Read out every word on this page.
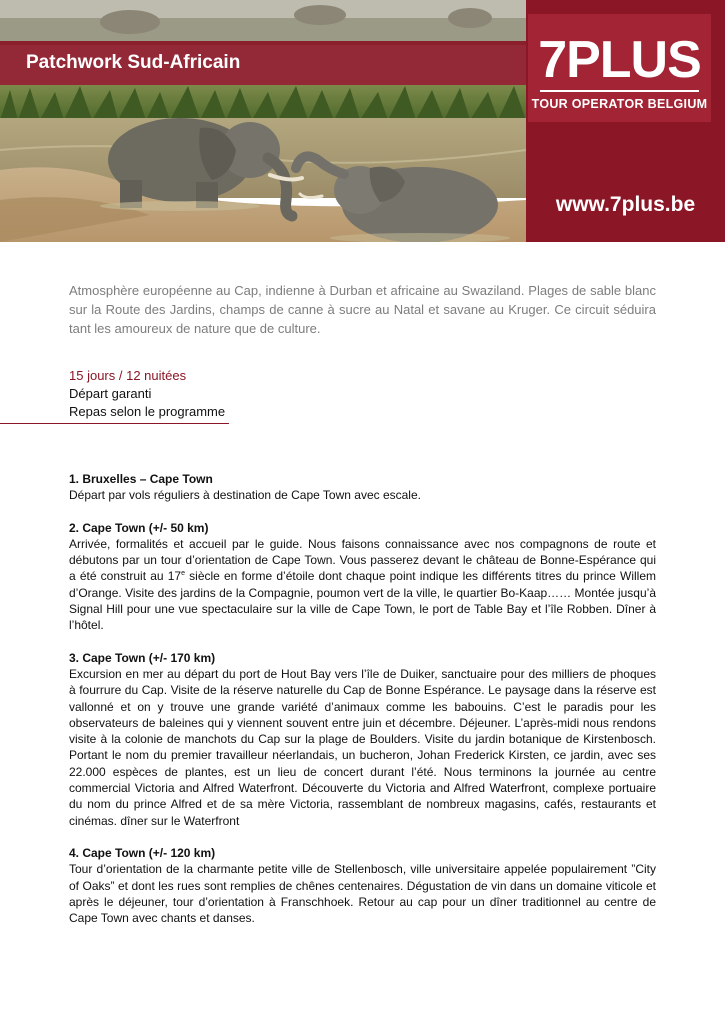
7PLUS
TOUR OPERATOR BELGIUM
Patchwork Sud-Africain
www.7plus.be
Atmosphère européenne au Cap, indienne à Durban et africaine au Swaziland. Plages de sable blanc sur la Route des Jardins, champs de canne à sucre au Natal et savane au Kruger. Ce circuit séduira tant les amoureux de nature que de culture.
15 jours / 12 nuitées
Départ garanti
Repas selon le programme
1. Bruxelles – Cape Town
Départ par vols réguliers à destination de Cape Town avec escale.
2. Cape Town (+/- 50 km)
Arrivée, formalités et accueil par le guide. Nous faisons connaissance avec nos compagnons de route et débutons par un tour d’orientation de Cape Town. Vous passerez devant le château de Bonne-Espérance qui a été construit au 17e siècle en forme d’étoile dont chaque point indique les différents titres du prince Willem d’Orange. Visite des jardins de la Compagnie, poumon vert de la ville, le quartier Bo-Kaap…… Montée jusqu’à Signal Hill pour une vue spectaculaire sur la ville de Cape Town, le port de Table Bay et l’île Robben. Dîner à l’hôtel.
3. Cape Town (+/- 170 km)
Excursion en mer au départ du port de Hout Bay vers l’île de Duiker, sanctuaire pour des milliers de phoques à fourrure du Cap. Visite de la réserve naturelle du Cap de Bonne Espérance. Le paysage dans la réserve est vallonné et on y trouve une grande variété d’animaux comme les babouins. C’est le paradis pour les observateurs de baleines qui y viennent souvent entre juin et décembre. Déjeuner. L’après-midi nous rendons visite à la colonie de manchots du Cap sur la plage de Boulders. Visite du jardin botanique de Kirstenbosch. Portant le nom du premier travailleur néerlandais, un bucheron, Johan Frederick Kirsten, ce jardin, avec ses 22.000 espèces de plantes, est un lieu de concert durant l’été. Nous terminons la journée au centre commercial Victoria and Alfred Waterfront. Découverte du Victoria and Alfred Waterfront, complexe portuaire du nom du prince Alfred et de sa mère Victoria, rassemblant de nombreux magasins, cafés, restaurants et cinémas. dîner sur le Waterfront
4. Cape Town (+/- 120 km)
Tour d’orientation de la charmante petite ville de Stellenbosch, ville universitaire appelée populairement ”City of Oaks” et dont les rues sont remplies de chênes centenaires. Dégustation de vin dans un domaine viticole et après le déjeuner, tour d’orientation à Franschhoek. Retour au cap pour un dîner traditionnel au centre de Cape Town avec chants et danses.
